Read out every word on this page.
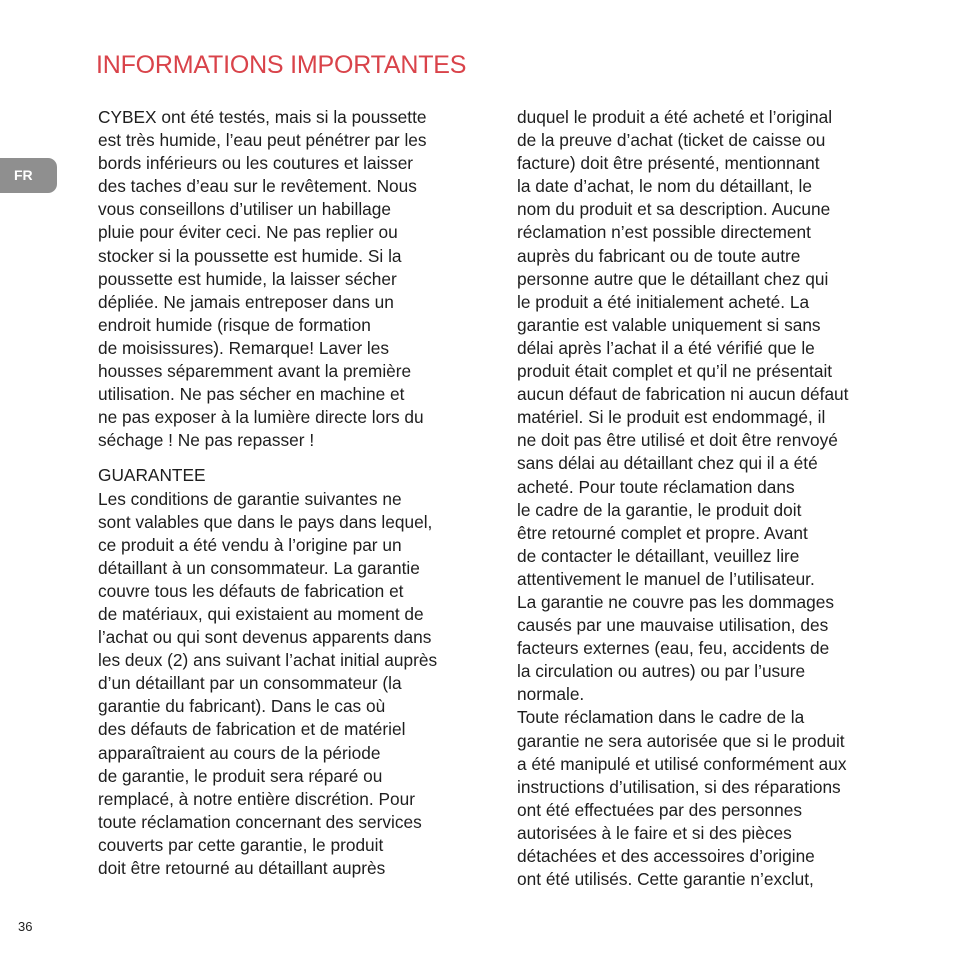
INFORMATIONS IMPORTANTES
FR
CYBEX ont été testés, mais si la poussette
est très humide, l’eau peut pénétrer par les
bords inférieurs ou les coutures et laisser
des taches d’eau sur le revêtement. Nous
vous conseillons d’utiliser un habillage
pluie pour éviter ceci. Ne pas replier ou
stocker si la poussette est humide. Si la
poussette est humide, la laisser sécher
dépliée. Ne jamais entreposer dans un
endroit humide (risque de formation
de moisissures). Remarque! Laver les
housses séparemment avant la première
utilisation. Ne pas sécher en machine et
ne pas exposer à la lumière directe lors du
séchage ! Ne pas repasser !
GUARANTEE
Les conditions de garantie suivantes ne
sont valables que dans le pays dans lequel,
ce produit a été vendu à l’origine par un
détaillant à un consommateur. La garantie
couvre tous les défauts de fabrication et
de matériaux, qui existaient au moment de
l’achat ou qui sont devenus apparents dans
les deux (2) ans suivant l’achat initial auprès
d’un détaillant par un consommateur (la
garantie du fabricant). Dans le cas où
des défauts de fabrication et de matériel
apparaîtraient au cours de la période
de garantie, le produit sera réparé ou
remplacé, à notre entière discrétion. Pour
toute réclamation concernant des services
couverts par cette garantie, le produit
doit être retourné au détaillant auprès
duquel le produit a été acheté et l’original
de la preuve d’achat (ticket de caisse ou
facture) doit être présenté, mentionnant
la date d’achat, le nom du détaillant, le
nom du produit et sa description. Aucune
réclamation n’est possible directement
auprès du fabricant ou de toute autre
personne autre que le détaillant chez qui
le produit a été initialement acheté. La
garantie est valable uniquement si sans
délai après l’achat il a été vérifié que le
produit était complet et qu’il ne présentait
aucun défaut de fabrication ni aucun défaut
matériel. Si le produit est endommagé, il
ne doit pas être utilisé et doit être renvoyé
sans délai au détaillant chez qui il a été
acheté. Pour toute réclamation dans
le cadre de la garantie, le produit doit
être retourné complet et propre. Avant
de contacter le détaillant, veuillez lire
attentivement le manuel de l’utilisateur.
La garantie ne couvre pas les dommages
causés par une mauvaise utilisation, des
facteurs externes (eau, feu, accidents de
la circulation ou autres) ou par l’usure
normale.
Toute réclamation dans le cadre de la
garantie ne sera autorisée que si le produit
a été manipulé et utilisé conformément aux
instructions d’utilisation, si des réparations
ont été effectuées par des personnes
autorisées à le faire et si des pièces
détachées et des accessoires d’origine
ont été utilisés. Cette garantie n’exclut,
36
